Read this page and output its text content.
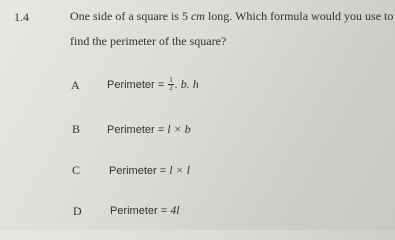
1.4	One side of a square is 5 cm long. Which formula would you use to
find the perimeter of the square?
A Perimeter = $\frac{1}{2}$ . b. h
B Perimeter = l × b
C	Perimeter = l × l
D	Perimeter = 4l
